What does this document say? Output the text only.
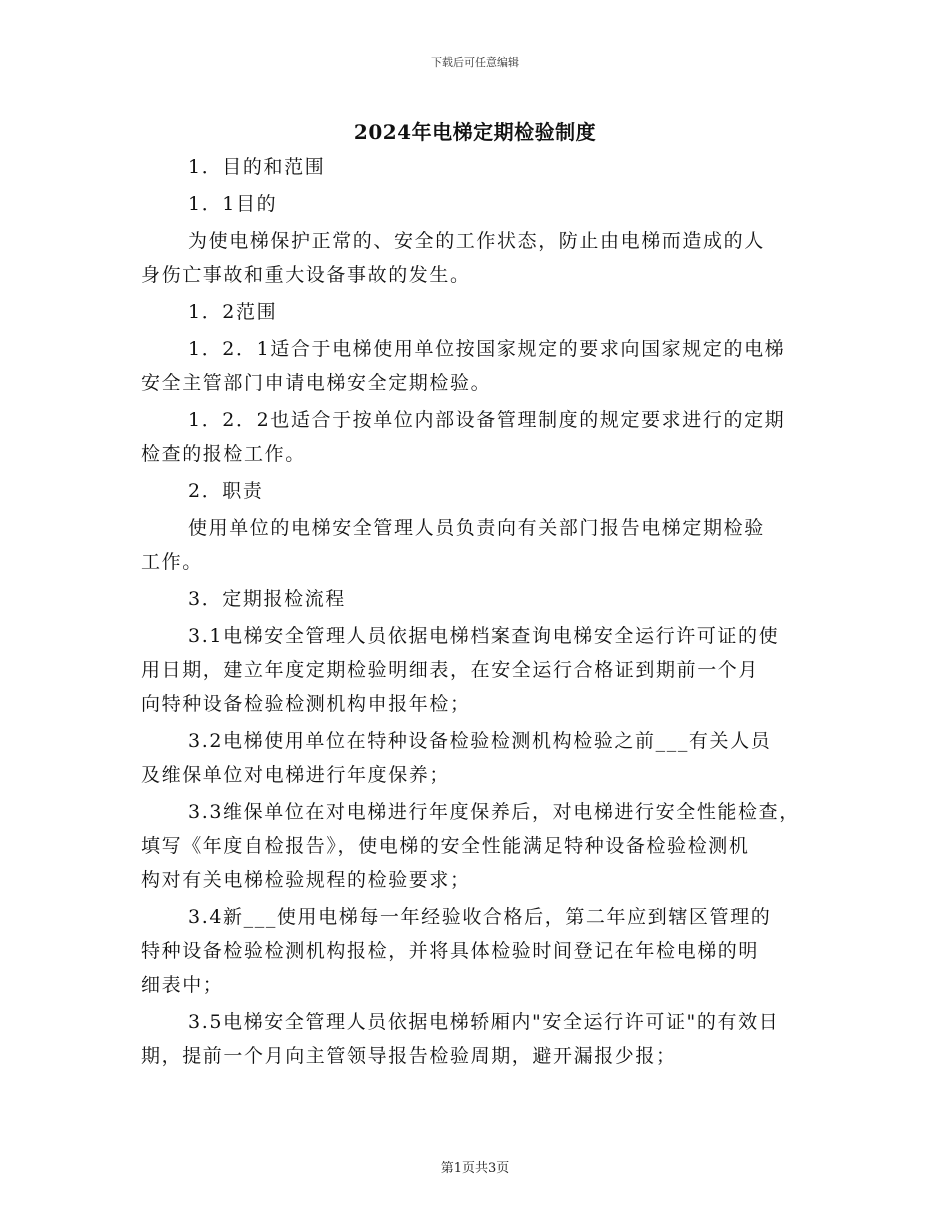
下载后可任意编辑
2024年电梯定期检验制度
1．目的和范围
1．1目的
为使电梯保护正常的、安全的工作状态，防止由电梯而造成的人
身伤亡事故和重大设备事故的发生。
1．2范围
1．2．1适合于电梯使用单位按国家规定的要求向国家规定的电梯
安全主管部门申请电梯安全定期检验。
1．2．2也适合于按单位内部设备管理制度的规定要求进行的定期
检查的报检工作。
2．职责
使用单位的电梯安全管理人员负责向有关部门报告电梯定期检验
工作。
3．定期报检流程
3.1电梯安全管理人员依据电梯档案查询电梯安全运行许可证的使
用日期，建立年度定期检验明细表，在安全运行合格证到期前一个月
向特种设备检验检测机构申报年检；
3.2电梯使用单位在特种设备检验检测机构检验之前___有关人员
及维保单位对电梯进行年度保养；
3.3维保单位在对电梯进行年度保养后，对电梯进行安全性能检查，
填写《年度自检报告》，使电梯的安全性能满足特种设备检验检测机
构对有关电梯检验规程的检验要求；
3.4新___使用电梯每一年经验收合格后，第二年应到辖区管理的
特种设备检验检测机构报检，并将具体检验时间登记在年检电梯的明
细表中；
3.5电梯安全管理人员依据电梯轿厢内"安全运行许可证"的有效日
期，提前一个月向主管领导报告检验周期，避开漏报少报；
第1页共3页
